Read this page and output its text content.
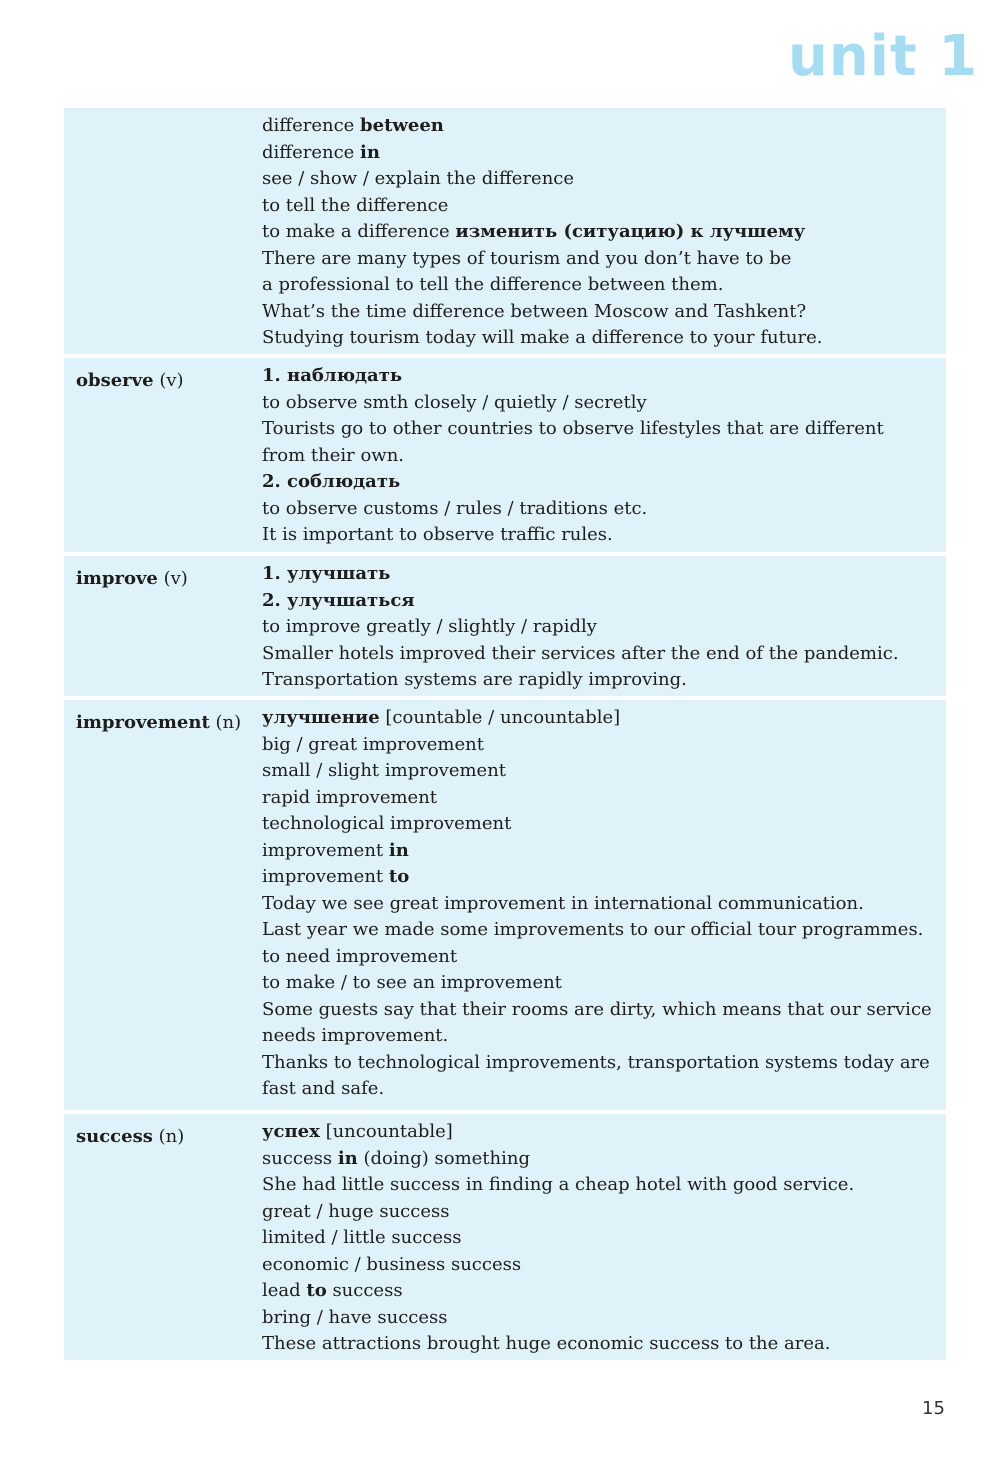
unit 1
difference between
difference in
see / show / explain the difference
to tell the difference
to make a difference изменить (ситуацию) к лучшему
There are many types of tourism and you don’t have to be
a professional to tell the difference between them.
What’s the time difference between Moscow and Tashkent?
Studying tourism today will make a difference to your future.
observe (v)	1. наблюдать
to observe smth closely / quietly / secretly
Tourists go to other countries to observe lifestyles that are different
from their own.
2. соблюдать
to observe customs / rules / traditions etc.
It is important to observe traffic rules.
improve (v)	1. улучшать
2. улучшаться
to improve greatly / slightly / rapidly
Smaller hotels improved their services after the end of the pandemic.
Transportation systems are rapidly improving.
improvement (n) улучшение [countable / uncountable]
big / great improvement
small / slight improvement
rapid improvement
technological improvement
improvement in
improvement to
Today we see great improvement in international communication.
Last year we made some improvements to our official tour programmes.
to need improvement
to make / to see an improvement
Some guests say that their rooms are dirty, which means that our service
needs improvement.
Thanks to technological improvements, transportation systems today are
fast and safe.
success (n)	успех [uncountable]
success in (doing) something
She had little success in finding a cheap hotel with good service.
great / huge success
limited / little success
economic / business success
lead to success
bring / have success
These attractions brought huge economic success to the area.
15
